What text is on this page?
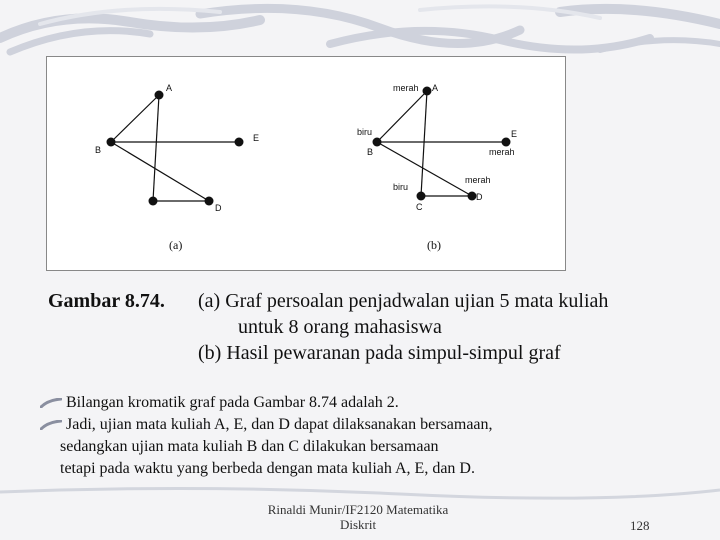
A
B
E
D
(a)
merah A
biru
B
E
merah
merah
D
biru
C
(b)
Gambar 8.74. (a) Graf persoalan penjadwalan ujian 5 mata kuliah
untuk 8 orang mahasiswa
(b) Hasil pewaranan pada simpul-simpul graf
Bilangan kromatik graf pada Gambar 8.74 adalah 2.
Jadi, ujian mata kuliah A, E, dan D dapat dilaksanakan bersamaan,
sedangkan ujian mata kuliah B dan C dilakukan bersamaan
tetapi pada waktu yang berbeda dengan mata kuliah A, E, dan D.
Rinaldi Munir/IF2120 Matematika
Diskrit	128
